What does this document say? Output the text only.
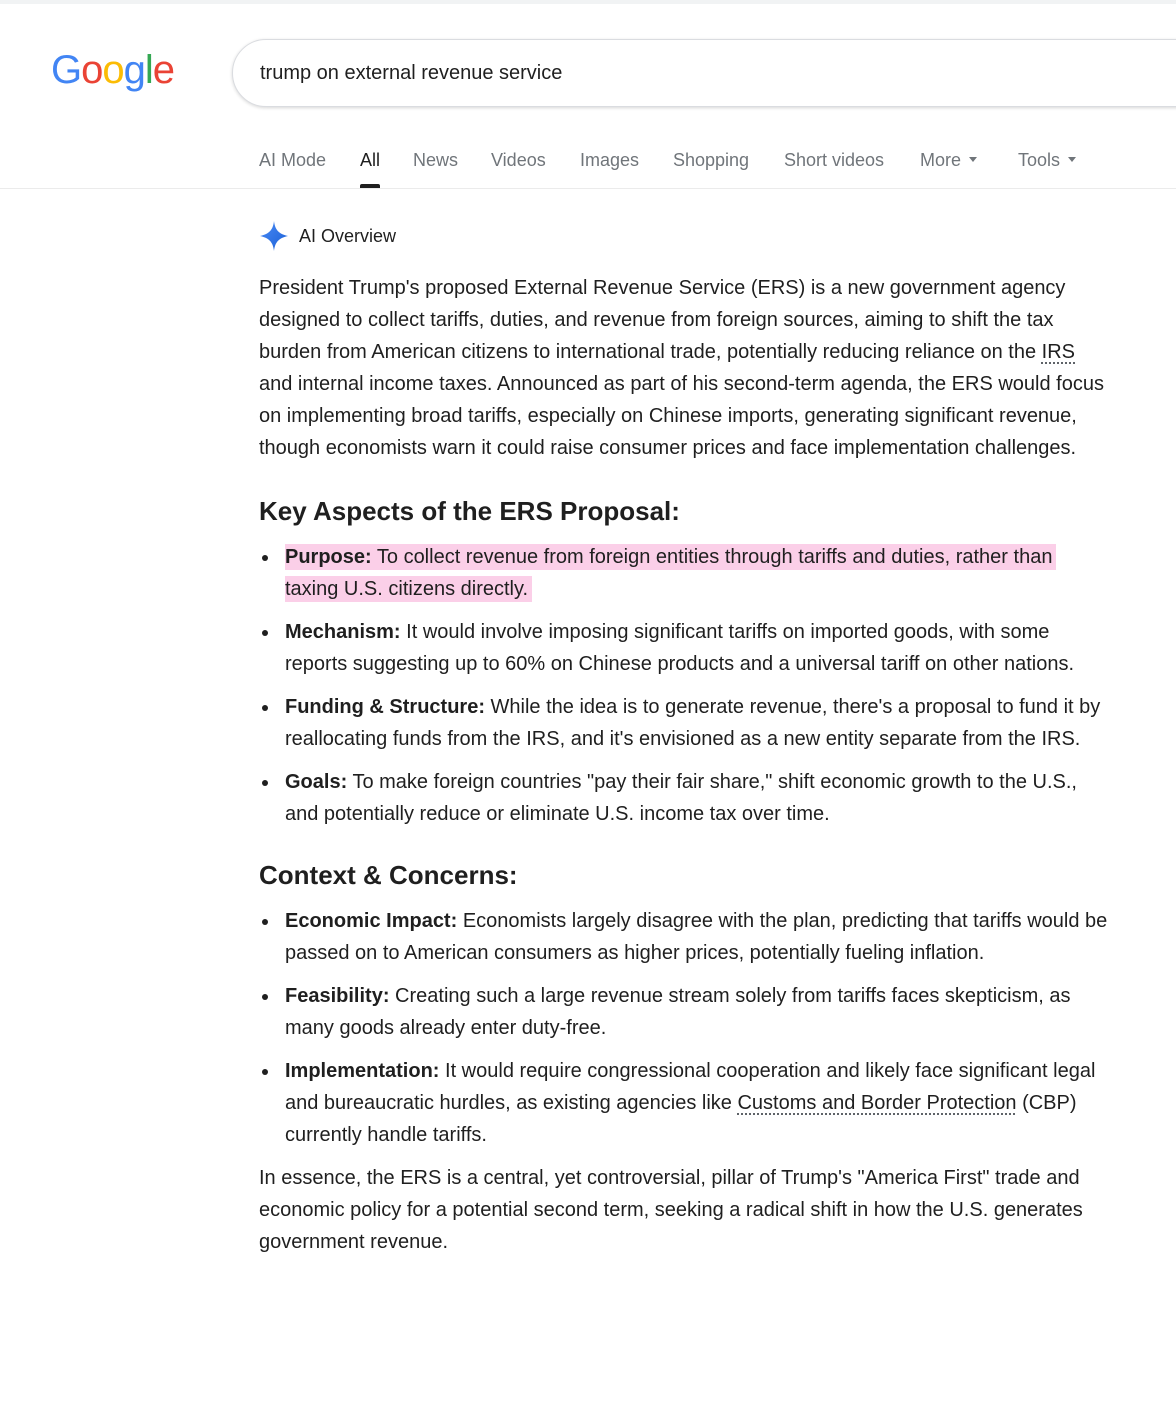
Google	trump on external revenue service
AI Mode All News Videos Images Shopping Short videos More	Tools
AI Overview

President Trump's proposed External Revenue Service (ERS) is a new government agency designed to collect tariffs, duties, and revenue from foreign sources, aiming to shift the tax burden from American citizens to international trade, potentially reducing reliance on the IRS and internal income taxes. Announced as part of his second-term agenda, the ERS would focus on implementing broad tariffs, especially on Chinese imports, generating significant revenue, though economists warn it could raise consumer prices and face implementation challenges.

Key Aspects of the ERS Proposal:
Purpose: To collect revenue from foreign entities through tariffs and duties, rather than taxing U.S. citizens directly.
Mechanism: It would involve imposing significant tariffs on imported goods, with some reports suggesting up to 60% on Chinese products and a universal tariff on other nations.
Funding & Structure: While the idea is to generate revenue, there's a proposal to fund it by reallocating funds from the IRS, and it's envisioned as a new entity separate from the IRS.
Goals: To make foreign countries "pay their fair share," shift economic growth to the U.S., and potentially reduce or eliminate U.S. income tax over time.
Context & Concerns:
Economic Impact: Economists largely disagree with the plan, predicting that tariffs would be passed on to American consumers as higher prices, potentially fueling inflation.
Feasibility: Creating such a large revenue stream solely from tariffs faces skepticism, as many goods already enter duty-free.
Implementation: It would require congressional cooperation and likely face significant legal and bureaucratic hurdles, as existing agencies like Customs and Border Protection (CBP) currently handle tariffs.

In essence, the ERS is a central, yet controversial, pillar of Trump's "America First" trade and economic policy for a potential second term, seeking a radical shift in how the U.S. generates government revenue.
